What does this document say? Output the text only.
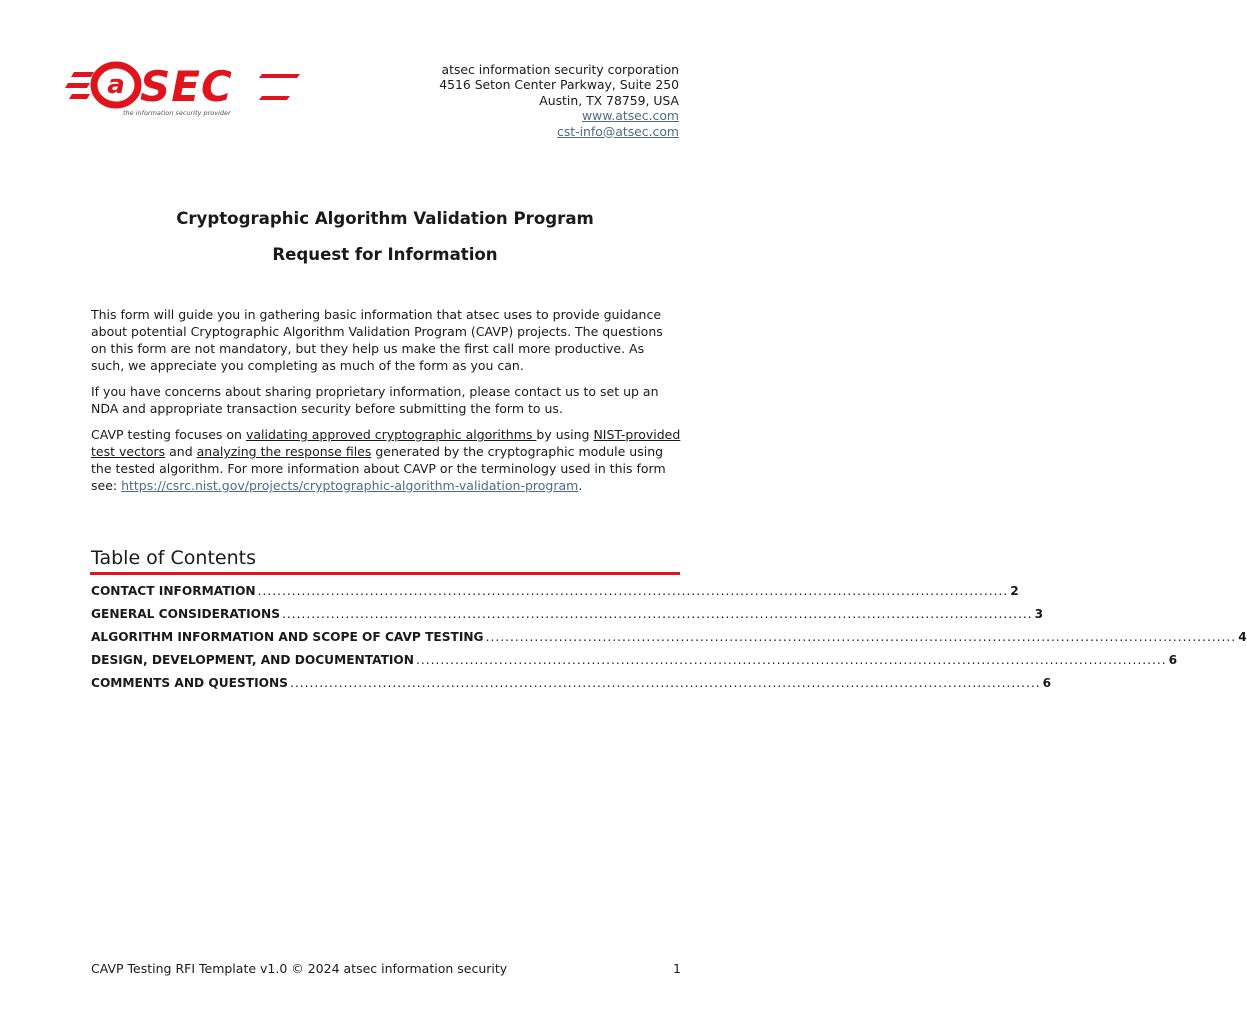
a SEC
the information security provider
atsec information security corporation
4516 Seton Center Parkway, Suite 250
Austin, TX 78759, USA
www.atsec.com
cst-info@atsec.com
Cryptographic Algorithm Validation Program
Request for Information

This form will guide you in gathering basic information that atsec uses to provide guidance about potential Cryptographic Algorithm Validation Program (CAVP) projects. The questions on this form are not mandatory, but they help us make the first call more productive. As such, we appreciate you completing as much of the form as you can.

If you have concerns about sharing proprietary information, please contact us to set up an NDA and appropriate transaction security before submitting the form to us.

CAVP testing focuses on validating approved cryptographic algorithms by using NIST-provided test vectors and analyzing the response files generated by the cryptographic module using the tested algorithm. For more information about CAVP or the terminology used in this form see: https://csrc.nist.gov/projects/cryptographic-algorithm-validation-program.

Table of Contents
CONTACT INFORMATION .......................................................................................................................................................... 2
GENERAL CONSIDERATIONS .......................................................................................................................................................... 3
ALGORITHM INFORMATION AND SCOPE OF CAVP TESTING .......................................................................................................................................................... 4
DESIGN, DEVELOPMENT, AND DOCUMENTATION .......................................................................................................................................................... 6
COMMENTS AND QUESTIONS .......................................................................................................................................................... 6
CAVP Testing RFI Template v1.0 © 2024 atsec information security	1
